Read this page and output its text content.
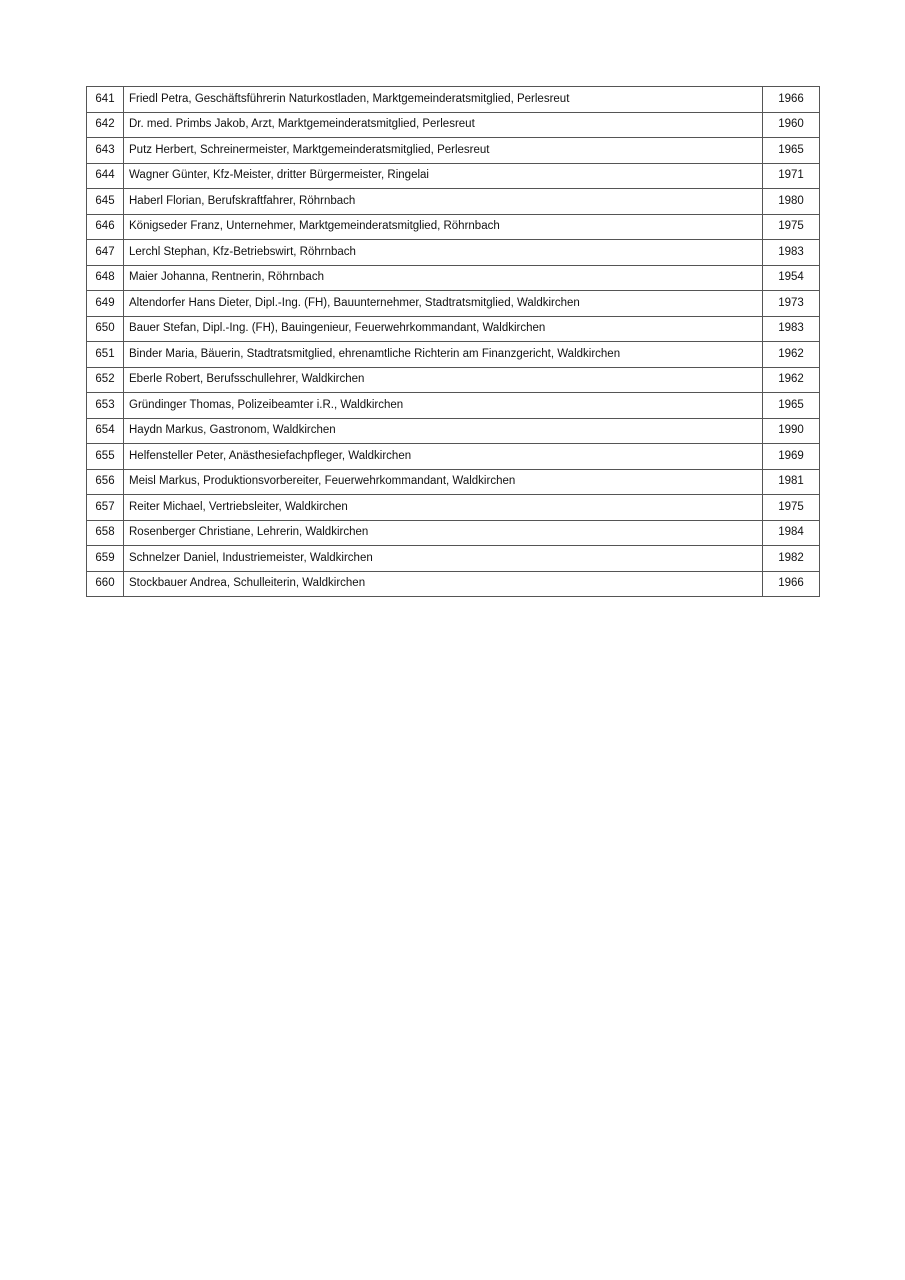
641	Friedl Petra, Geschäftsführerin Naturkostladen, Marktgemeinderatsmitglied, Perlesreut	1966
642	Dr. med. Primbs Jakob, Arzt, Marktgemeinderatsmitglied, Perlesreut	1960
643	Putz Herbert, Schreinermeister, Marktgemeinderatsmitglied, Perlesreut	1965
644	Wagner Günter, Kfz-Meister, dritter Bürgermeister, Ringelai	1971
645	Haberl Florian, Berufskraftfahrer, Röhrnbach	1980
646	Königseder Franz, Unternehmer, Marktgemeinderatsmitglied, Röhrnbach	1975
647	Lerchl Stephan, Kfz-Betriebswirt, Röhrnbach	1983
648	Maier Johanna, Rentnerin, Röhrnbach	1954
649	Altendorfer Hans Dieter, Dipl.-Ing. (FH), Bauunternehmer, Stadtratsmitglied, Waldkirchen	1973
650	Bauer Stefan, Dipl.-Ing. (FH), Bauingenieur, Feuerwehrkommandant, Waldkirchen	1983
651	Binder Maria, Bäuerin, Stadtratsmitglied, ehrenamtliche Richterin am Finanzgericht, Waldkirchen	1962
652	Eberle Robert, Berufsschullehrer, Waldkirchen	1962
653	Gründinger Thomas, Polizeibeamter i.R., Waldkirchen	1965
654	Haydn Markus, Gastronom, Waldkirchen	1990
655	Helfensteller Peter, Anästhesiefachpfleger, Waldkirchen	1969
656	Meisl Markus, Produktionsvorbereiter, Feuerwehrkommandant, Waldkirchen	1981
657	Reiter Michael, Vertriebsleiter, Waldkirchen	1975
658	Rosenberger Christiane, Lehrerin, Waldkirchen	1984
659	Schnelzer Daniel, Industriemeister, Waldkirchen	1982
660	Stockbauer Andrea, Schulleiterin, Waldkirchen	1966
